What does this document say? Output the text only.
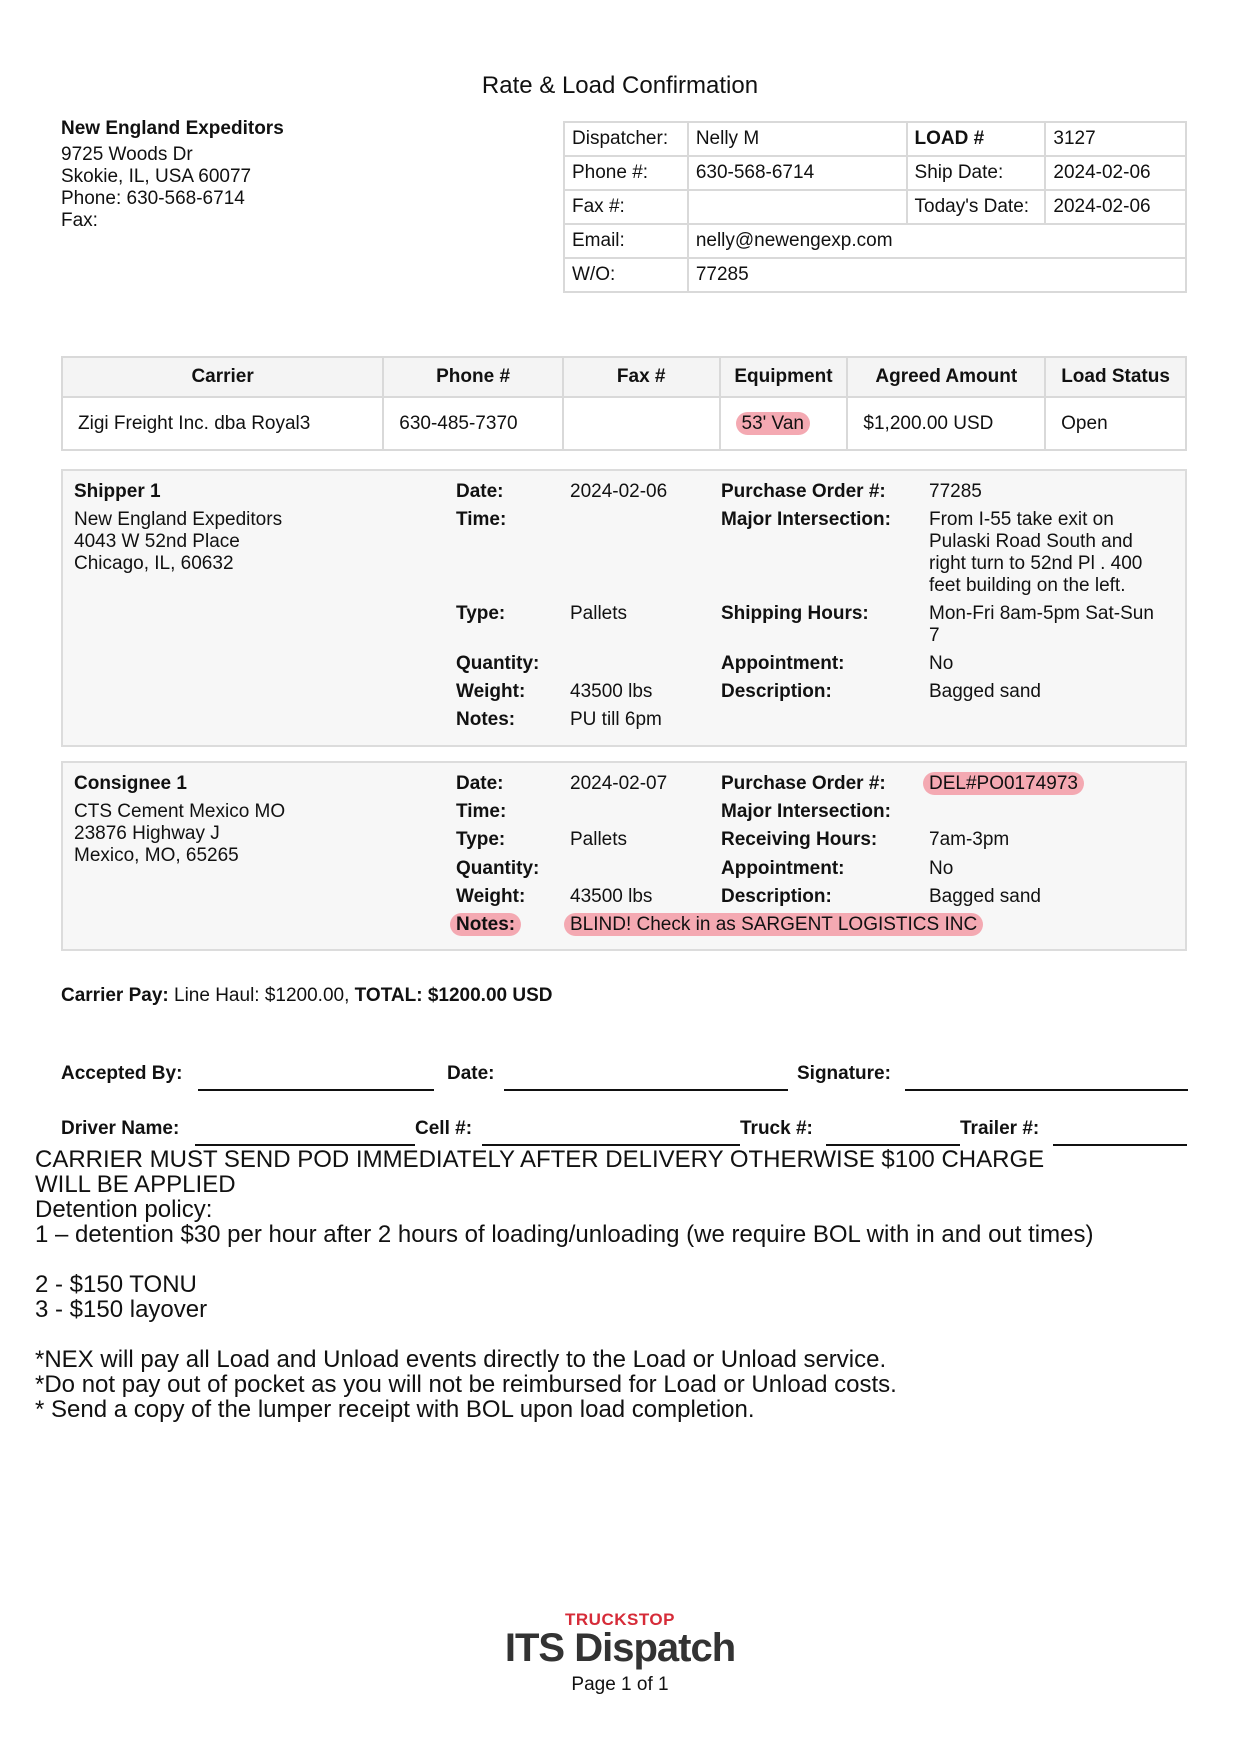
Rate & Load Confirmation
New England Expeditors
9725 Woods Dr
Skokie, IL, USA 60077
Phone: 630-568-6714
Fax:
Dispatcher:	Nelly M	LOAD #	3127
Phone #:	630-568-6714	Ship Date:	2024-02-06
Fax #:		Today's Date:	2024-02-06
Email:	nelly@newengexp.com		
W/O:	77285		
Carrier	Phone #	Fax #	Equipment	Agreed Amount	Load Status
Zigi Freight Inc. dba Royal3	630-485-7370		53' Van	$1,200.00 USD	Open
Shipper 1
New England Expeditors
4043 W 52nd Place
Chicago, IL, 60632
Date:	2024-02-06
Time:
Type:	Pallets
Quantity:
Weight: 43500 lbs
Notes:	PU till 6pm
Purchase Order #: 77285
Major Intersection: From I-55 take exit on
Pulaski Road South and
right turn to 52nd Pl . 400
feet building on the left.
Shipping Hours:	Mon-Fri 8am-5pm Sat-Sun
7
Appointment:	No
Description:	Bagged sand
Consignee 1
CTS Cement Mexico MO
23876 Highway J
Mexico, MO, 65265
Date:	2024-02-07
Time:
Type:	Pallets
Quantity:
Weight: 43500 lbs
Notes:	BLIND! Check in as SARGENT LOGISTICS INC
Purchase Order #:	DEL#PO0174973
Major Intersection:
Receiving Hours:	7am-3pm
Appointment:	No
Description:	Bagged sand
Carrier Pay: Line Haul: $1200.00, TOTAL: $1200.00 USD
Accepted By:	Date:	Signature:
Driver Name:	Cell #:	Truck #:	Trailer #:
CARRIER MUST SEND POD IMMEDIATELY AFTER DELIVERY OTHERWISE $100 CHARGE
WILL BE APPLIED
Detention policy:
1 – detention $30 per hour after 2 hours of loading/unloading (we require BOL with in and out times)
2 - $150 TONU
3 - $150 layover
*NEX will pay all Load and Unload events directly to the Load or Unload service.
*Do not pay out of pocket as you will not be reimbursed for Load or Unload costs.
* Send a copy of the lumper receipt with BOL upon load completion.
TRUCKSTOP
ITS Dispatch
Page 1 of 1
